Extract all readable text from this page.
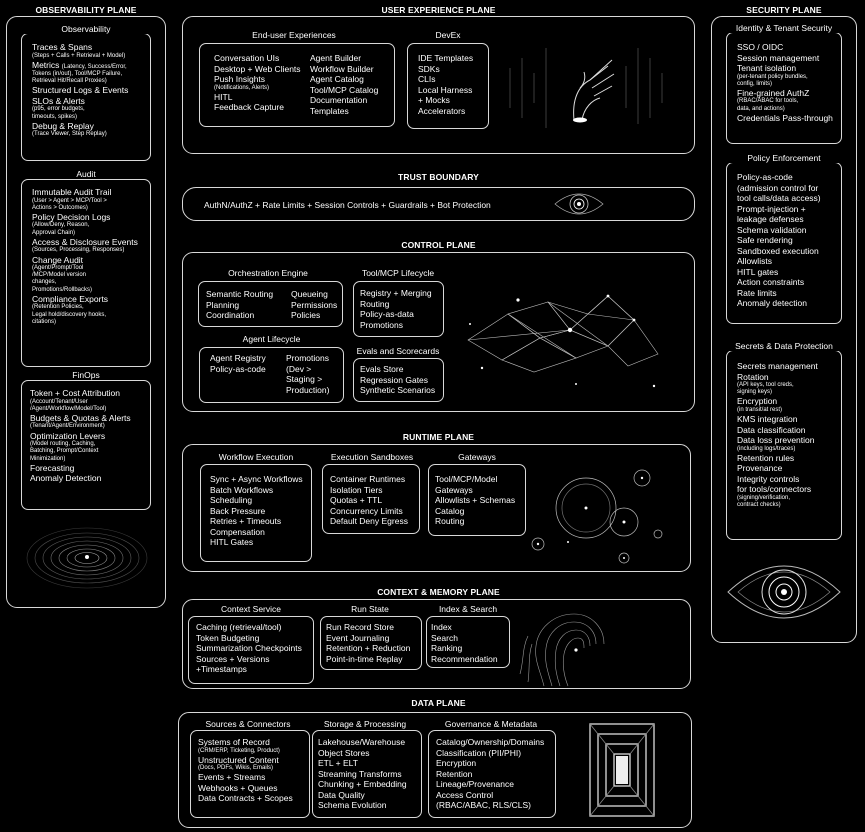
OBSERVABILITY PLANE
Observability
Traces & Spans
(Steps + Calls + Retrieval + Model)
Metrics (Latency, Success/Error,
Tokens (in/out), Tool/MCP Failure,
Retrieval Hit/Recall Proxies)
Structured Logs & Events
SLOs & Alerts
(p95, error budgets,
timeouts, spikes)
Debug & Replay
(Trace Viewer, Step Replay)
Audit
Immutable Audit Trail
(User > Agent > MCP/Tool >
Actions > Outcomes)
Policy Decision Logs
(Allow/Deny, Reason,
Approval Chain)
Access & Disclosure Events
(Sources, Processing, Responses)
Change Audit
(Agent/Prompt/Tool
/MCP/Model version
changes,
Promotions/Rollbacks)
Compliance Exports
(Retention Policies,
Legal hold/discovery hooks,
citations)
FinOps
Token + Cost Attribution
(Account/Tenant/User
/Agent/Workflow/Model/Tool)
Budgets & Quotas & Alerts
(Tenant/Agent/Environment)
Optimization Levers
(Model routing, Caching,
Batching, Prompt/Context
Minimization)
Forecasting
Anomaly Detection
USER EXPERIENCE PLANE
End-user Experiences
Conversation UIs
Desktop + Web Clients
Push Insights
(Notifications, Alerts)
HITL
Feedback Capture
Agent Builder
Workflow Builder
Agent Catalog
Tool/MCP Catalog
Documentation
Templates
DevEx
IDE Templates
SDKs
CLIs
Local Harness
+ Mocks
Accelerators
TRUST BOUNDARY
AuthN/AuthZ + Rate Limits + Session Controls + Guardrails + Bot Protection
CONTROL PLANE
Orchestration Engine
Semantic Routing
Planning
Coordination
Queueing
Permissions
Policies
Tool/MCP Lifecycle
Registry + Merging
Routing
Policy-as-data
Promotions
Agent Lifecycle
Agent Registry
Policy-as-code
Promotions
(Dev >
Staging >
Production)
Evals and Scorecards
Evals Store
Regression Gates
Synthetic Scenarios
RUNTIME PLANE
Workflow Execution
Sync + Async Workflows
Batch Workflows
Scheduling
Back Pressure
Retries + Timeouts
Compensation
HITL Gates
Execution Sandboxes
Container Runtimes
Isolation Tiers
Quotas + TTL
Concurrency Limits
Default Deny Egress
Gateways
Tool/MCP/Model
Gateways
Allowlists + Schemas
Catalog
Routing
CONTEXT & MEMORY PLANE
Context Service
Caching (retrieval/tool)
Token Budgeting
Summarization Checkpoints
Sources + Versions
+Timestamps
Run State
Run Record Store
Event Journaling
Retention + Reduction
Point-in-time Replay
Index & Search
Index
Search
Ranking
Recommendation
DATA PLANE
Sources & Connectors
Systems of Record
(CRM/ERP, Ticketing, Product)
Unstructured Content
(Docs, PDFs, Wikis, Emails)
Events + Streams
Webhooks + Queues
Data Contracts + Scopes
Storage & Processing
Lakehouse/Warehouse
Object Stores
ETL + ELT
Streaming Transforms
Chunking + Embedding
Data Quality
Schema Evolution
Governance & Metadata
Catalog/Ownership/Domains
Classification (PII/PHI)
Encryption
Retention
Lineage/Provenance
Access Control
(RBAC/ABAC, RLS/CLS)
SECURITY PLANE
Identity & Tenant Security
SSO / OIDC
Session management
Tenant isolation
(per-tenant policy bundles,
config, limits)
Fine-grained AuthZ
(RBAC/ABAC for tools,
data, and actions)
Credentials Pass-through
Policy Enforcement
Policy-as-code
(admission control for
tool calls/data access)
Prompt-injection +
leakage defenses
Schema validation
Safe rendering
Sandboxed execution
Allowlists
HITL gates
Action constraints
Rate limits
Anomaly detection
Secrets & Data Protection
Secrets management
Rotation
(API keys, tool creds,
signing keys)
Encryption
(in transit/at rest)
KMS integration
Data classification
Data loss prevention
(including logs/traces)
Retention rules
Provenance
Integrity controls
for tools/connectors
(signing/verification,
contract checks)
